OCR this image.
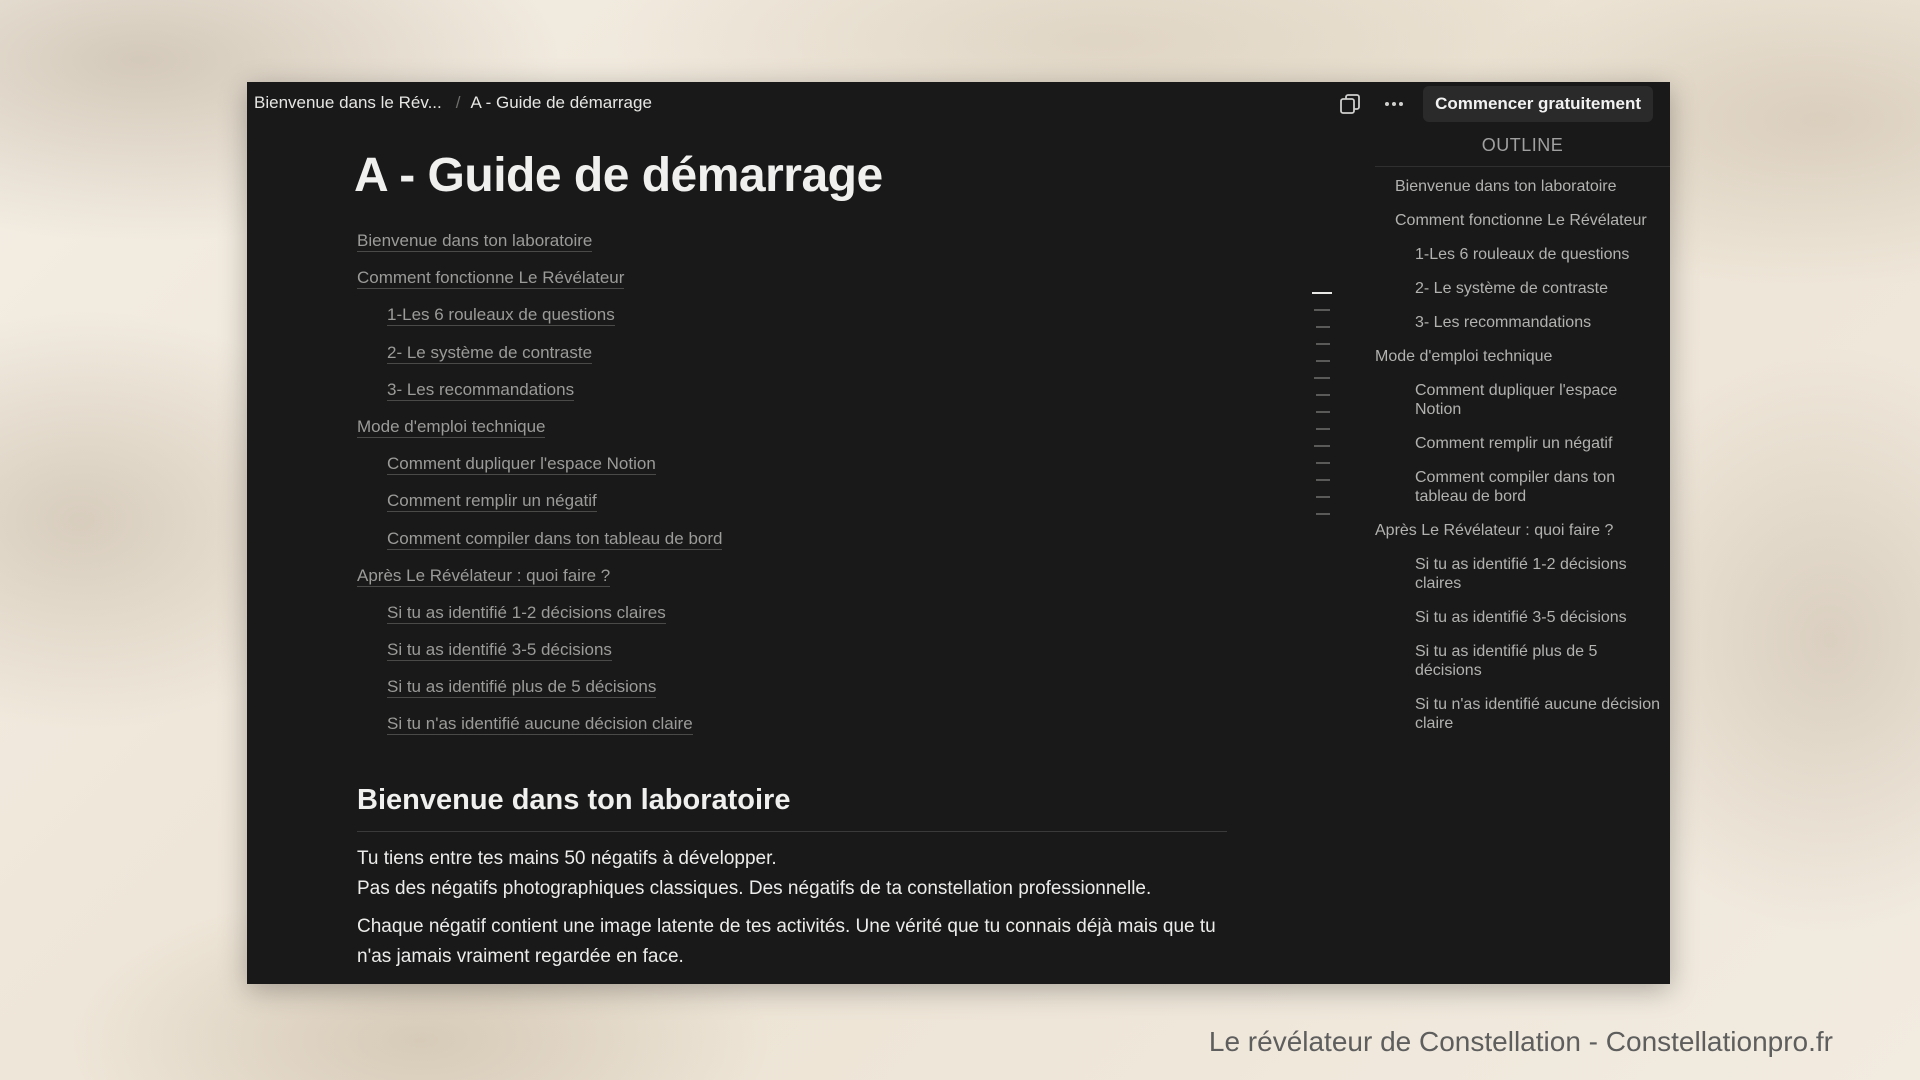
Bienvenue dans le Rév... / A - Guide de démarrage	Commencer gratuitement
A - Guide de démarrage
Bienvenue dans ton laboratoire
Comment fonctionne Le Révélateur
1-Les 6 rouleaux de questions
2- Le système de contraste
3- Les recommandations
Mode d'emploi technique
Comment dupliquer l'espace Notion
Comment remplir un négatif
Comment compiler dans ton tableau de bord
Après Le Révélateur : quoi faire ?
Si tu as identifié 1-2 décisions claires
Si tu as identifié 3-5 décisions
Si tu as identifié plus de 5 décisions
Si tu n'as identifié aucune décision claire
Bienvenue dans ton laboratoire
Tu tiens entre tes mains 50 négatifs à développer.
Pas des négatifs photographiques classiques. Des négatifs de ta constellation professionnelle.
Chaque négatif contient une image latente de tes activités. Une vérité que tu connais déjà mais que tu n'as jamais vraiment regardée en face.
OUTLINE
Bienvenue dans ton laboratoire
Comment fonctionne Le Révélateur
1-Les 6 rouleaux de questions
2- Le système de contraste
3- Les recommandations
Mode d'emploi technique
Comment dupliquer l'espace Notion
Comment remplir un négatif
Comment compiler dans ton tableau de bord
Après Le Révélateur : quoi faire ?
Si tu as identifié 1-2 décisions claires
Si tu as identifié 3-5 décisions
Si tu as identifié plus de 5 décisions
Si tu n'as identifié aucune décision claire
Le révélateur de Constellation - Constellationpro.fr
